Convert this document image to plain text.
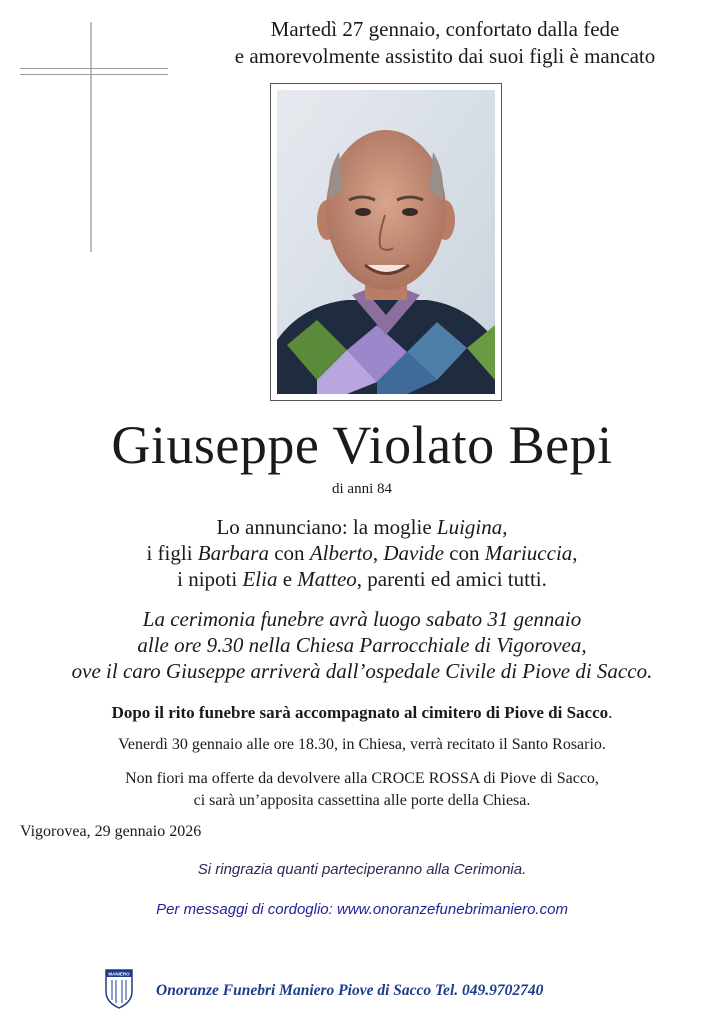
Martedì 27 gennaio, confortato dalla fede
e amorevolmente assistito dai suoi figli è mancato
Giuseppe Violato Bepi
di anni 84
Lo annunciano: la moglie Luigina,
i figli Barbara con Alberto, Davide con Mariuccia,
i nipoti Elia e Matteo, parenti ed amici tutti.
La cerimonia funebre avrà luogo sabato 31 gennaio
alle ore 9.30 nella Chiesa Parrocchiale di Vigorovea,
ove il caro Giuseppe arriverà dall’ospedale Civile di Piove di Sacco.
Dopo il rito funebre sarà accompagnato al cimitero di Piove di Sacco.
Venerdì 30 gennaio alle ore 18.30, in Chiesa, verrà recitato il Santo Rosario.
Non fiori ma offerte da devolvere alla CROCE ROSSA di Piove di Sacco,
ci sarà un’apposita cassettina alle porte della Chiesa.
Vigorovea, 29 gennaio 2026
Si ringrazia quanti parteciperanno alla Cerimonia.
Per messaggi di cordoglio: www.onoranzefunebrimaniero.com
MANIERO
Onoranze Funebri Maniero Piove di Sacco Tel. 049.9702740
